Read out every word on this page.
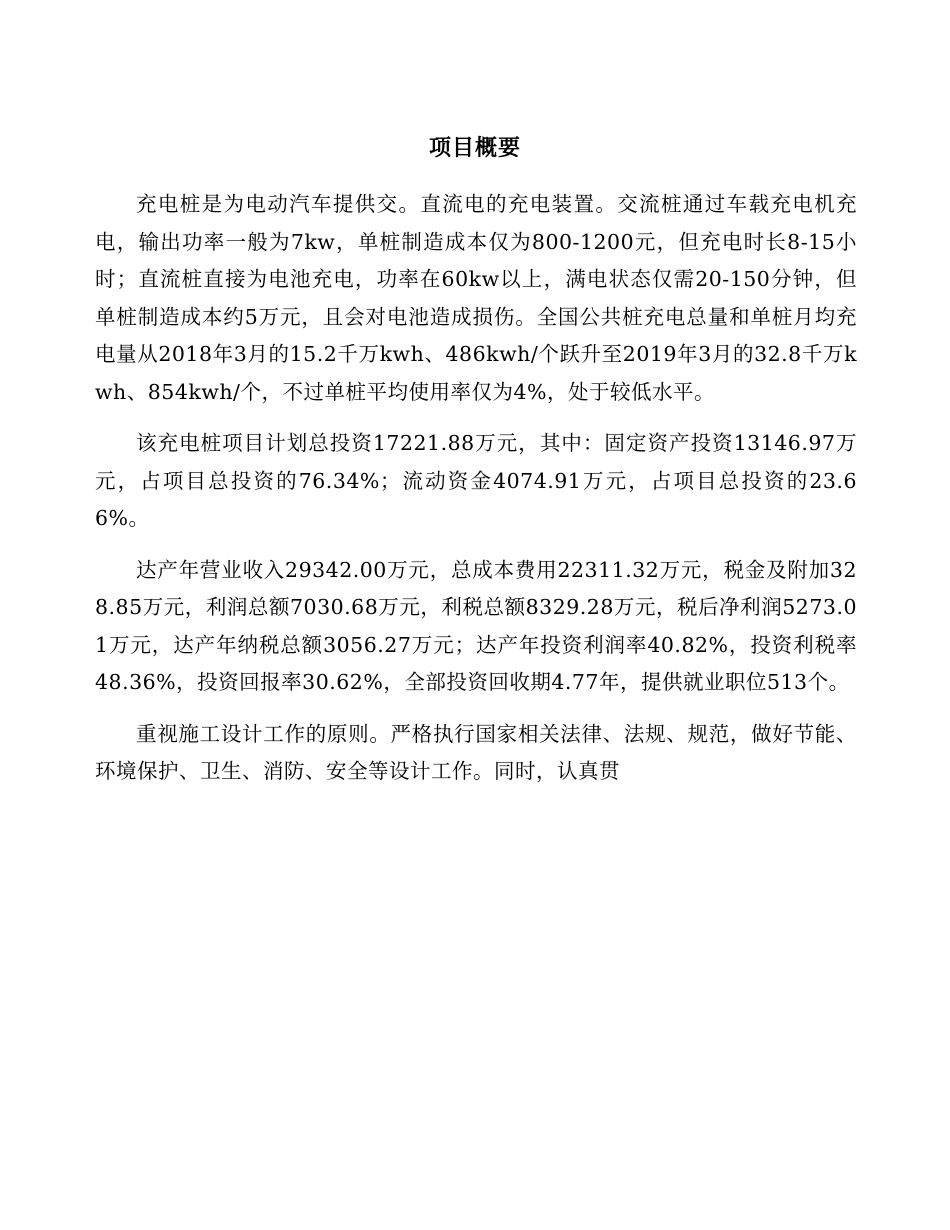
项目概要

充电桩是为电动汽车提供交。直流电的充电装置。交流桩通过车载充电机充电，输出功率一般为7kw，单桩制造成本仅为800-1200元，但充电时长8-15小时；直流桩直接为电池充电，功率在60kw以上，满电状态仅需20-150分钟，但单桩制造成本约5万元，且会对电池造成损伤。全国公共桩充电总量和单桩月均充电量从2018年3月的15.2千万kwh、486kwh/个跃升至2019年3月的32.8千万kwh、854kwh/个，不过单桩平均使用率仅为4%，处于较低水平。

该充电桩项目计划总投资17221.88万元，其中：固定资产投资13146.97万元，占项目总投资的76.34%；流动资金4074.91万元，占项目总投资的23.66%。

达产年营业收入29342.00万元，总成本费用22311.32万元，税金及附加328.85万元，利润总额7030.68万元，利税总额8329.28万元，税后净利润5273.01万元，达产年纳税总额3056.27万元；达产年投资利润率40.82%，投资利税率48.36%，投资回报率30.62%，全部投资回收期4.77年，提供就业职位513个。

重视施工设计工作的原则。严格执行国家相关法律、法规、规范，做好节能、环境保护、卫生、消防、安全等设计工作。同时，认真贯
